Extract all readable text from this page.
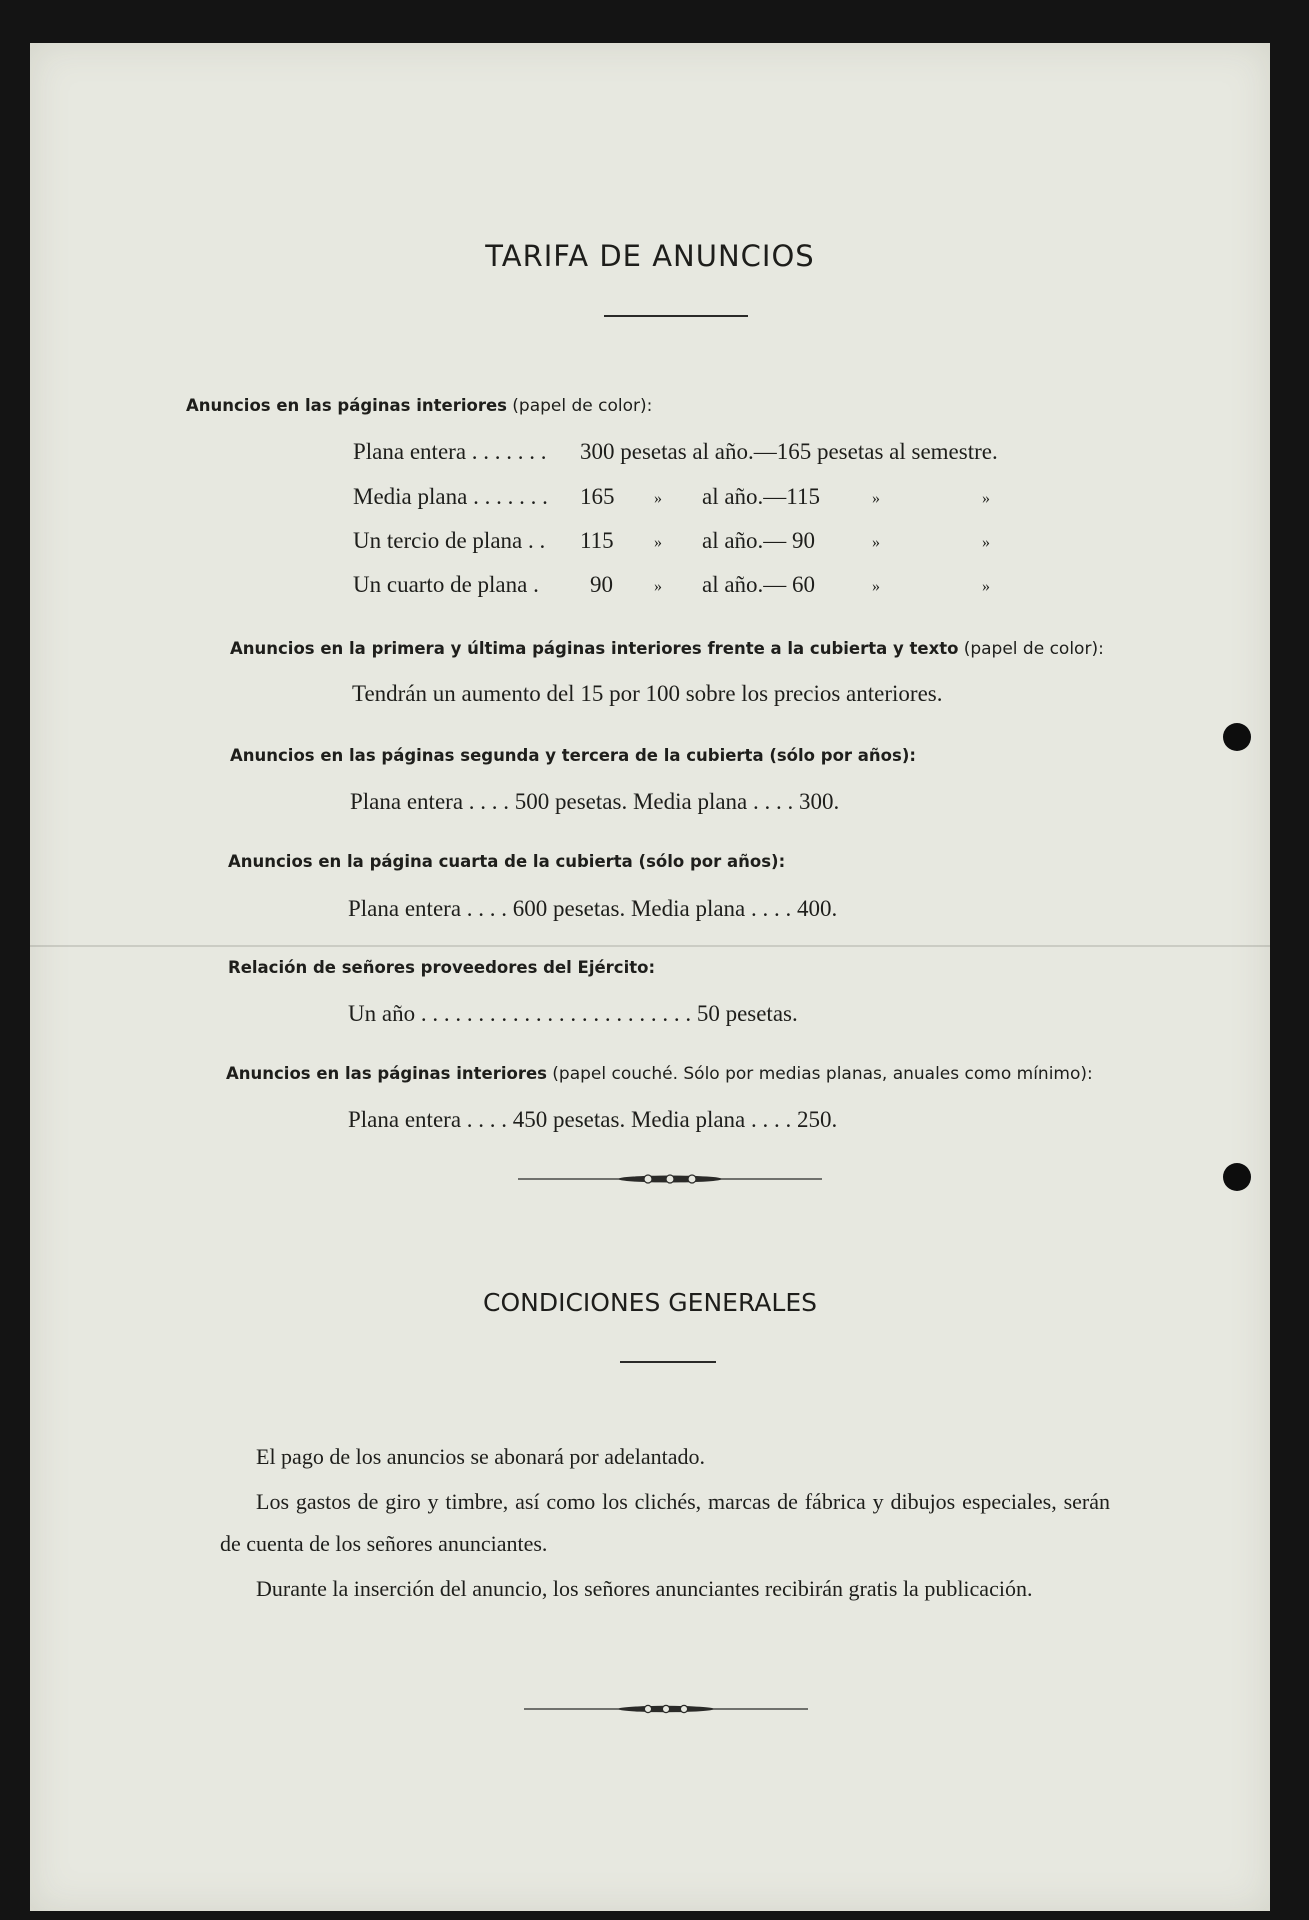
TARIFA DE ANUNCIOS
Anuncios en las páginas interiores (papel de color):
Plana entera . . . . . . . 300 pesetas al año.—165 pesetas al semestre.
Media plana . . . . . . . 165 » al año.—115	»	»
Un tercio de plana . . 115	» al año.— 90	»	»
Un cuarto de plana . 90	» al año.— 60	»	»
Anuncios en la primera y última páginas interiores frente a la cubierta y texto (papel de color):
Tendrán un aumento del 15 por 100 sobre los precios anteriores.
Anuncios en las páginas segunda y tercera de la cubierta (sólo por años):
Plana entera . . . . 500 pesetas. Media plana . . . . 300.
Anuncios en la página cuarta de la cubierta (sólo por años):
Plana entera . . . . 600 pesetas. Media plana . . . . 400.
Relación de señores proveedores del Ejército:
Un año . . . . . . . . . . . . . . . . . . . . . . . . 50 pesetas.
Anuncios en las páginas interiores (papel couché. Sólo por medias planas, anuales como mínimo):
Plana entera . . . . 450 pesetas. Media plana . . . . 250.
CONDICIONES GENERALES
El pago de los anuncios se abonará por adelantado.
Los gastos de giro y timbre, así como los clichés, marcas de fábrica y dibujos especiales, serán de cuenta de los señores anunciantes.
Durante la inserción del anuncio, los señores anunciantes recibirán gratis la publicación.
